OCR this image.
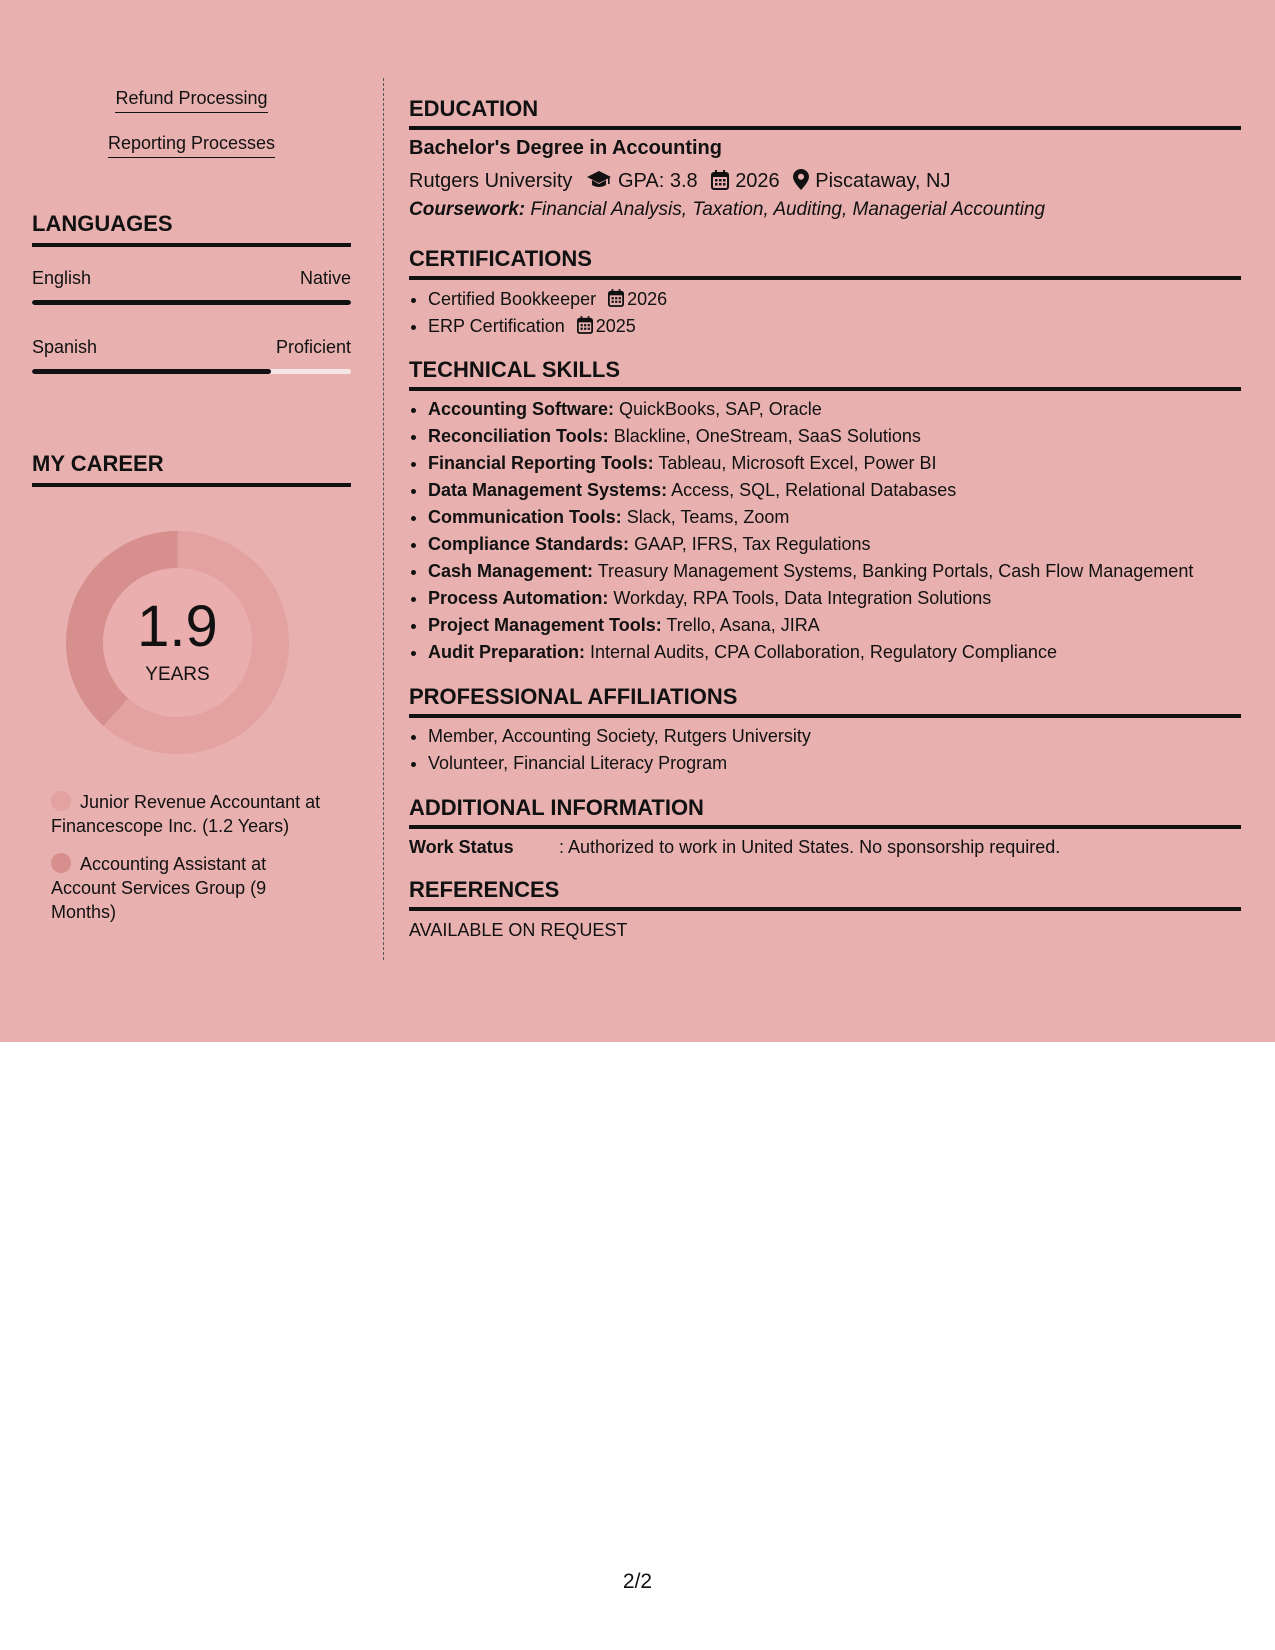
Refund Processing
Reporting Processes
LANGUAGES
English	Native
Spanish	Proficient
MY CAREER
1.9
YEARS
Junior Revenue Accountant at Financescope Inc. (1.2 Years)
Accounting Assistant at Account Services Group (9 Months)
EDUCATION
Bachelor's Degree in Accounting
Rutgers University GPA: 3.8 2026 Piscataway, NJ
Coursework: Financial Analysis, Taxation, Auditing, Managerial Accounting
CERTIFICATIONS
• Certified Bookkeeper 2026
• ERP Certification 2025
TECHNICAL SKILLS
• Accounting Software: QuickBooks, SAP, Oracle
• Reconciliation Tools: Blackline, OneStream, SaaS Solutions
• Financial Reporting Tools: Tableau, Microsoft Excel, Power BI
• Data Management Systems: Access, SQL, Relational Databases
• Communication Tools: Slack, Teams, Zoom
• Compliance Standards: GAAP, IFRS, Tax Regulations
• Cash Management: Treasury Management Systems, Banking Portals, Cash Flow Management
• Process Automation: Workday, RPA Tools, Data Integration Solutions
• Project Management Tools: Trello, Asana, JIRA
• Audit Preparation: Internal Audits, CPA Collaboration, Regulatory Compliance
PROFESSIONAL AFFILIATIONS
• Member, Accounting Society, Rutgers University
• Volunteer, Financial Literacy Program
ADDITIONAL INFORMATION
Work Status	: Authorized to work in United States. No sponsorship required.
REFERENCES
AVAILABLE ON REQUEST
2/2
